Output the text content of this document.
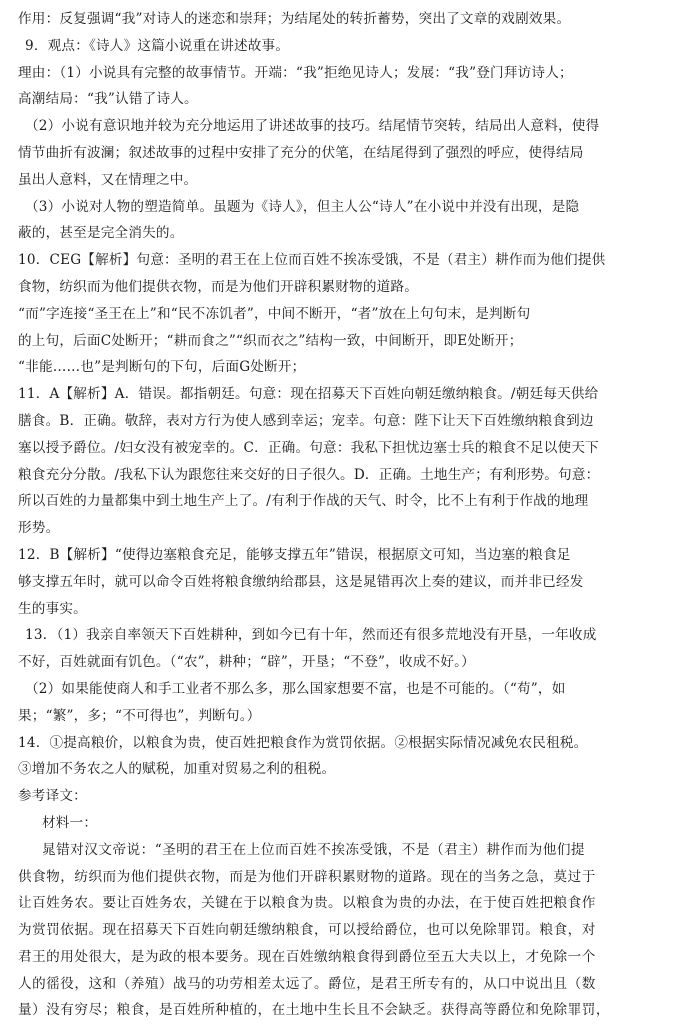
作用：反复强调“我”对诗人的迷恋和崇拜；为结尾处的转折蓄势，突出了文章的戏剧效果。
9．观点：《诗人》这篇小说重在讲述故事。
理由：（1）小说具有完整的故事情节。开端：“我”拒绝见诗人；发展：“我”登门拜访诗人；
高潮结局：“我”认错了诗人。
（2）小说有意识地并较为充分地运用了讲述故事的技巧。结尾情节突转，结局出人意料，使得
情节曲折有波澜；叙述故事的过程中安排了充分的伏笔，在结尾得到了强烈的呼应，使得结局
虽出人意料，又在情理之中。
（3）小说对人物的塑造简单。虽题为《诗人》，但主人公“诗人”在小说中并没有出现，是隐
蔽的，甚至是完全消失的。
10．CEG【解析】句意：圣明的君王在上位而百姓不挨冻受饿，不是（君主）耕作而为他们提供
食物，纺织而为他们提供衣物，而是为他们开辟积累财物的道路。
“而”字连接“圣王在上”和“民不冻饥者”，中间不断开，“者”放在上句句末，是判断句
的上句，后面C处断开；“耕而食之”“织而衣之”结构一致，中间断开，即E处断开；
“非能……也”是判断句的下句，后面G处断开；
11．A【解析】A．错误。都指朝廷。句意：现在招募天下百姓向朝廷缴纳粮食。/朝廷每天供给
膳食。B．正确。敬辞，表对方行为使人感到幸运；宠幸。句意：陛下让天下百姓缴纳粮食到边
塞以授予爵位。/妇女没有被宠幸的。C．正确。句意：我私下担忧边塞士兵的粮食不足以使天下
粮食充分分散。/我私下认为跟您往来交好的日子很久。D．正确。土地生产；有利形势。句意：
所以百姓的力量都集中到土地生产上了。/有利于作战的天气、时令，比不上有利于作战的地理
形势。
12．B【解析】“使得边塞粮食充足，能够支撑五年”错误，根据原文可知，当边塞的粮食足
够支撑五年时，就可以命令百姓将粮食缴纳给郡县，这是晁错再次上奏的建议，而并非已经发
生的事实。
13．（1）我亲自率领天下百姓耕种，到如今已有十年，然而还有很多荒地没有开垦，一年收成
不好，百姓就面有饥色。（“农”，耕种；“辟”，开垦；“不登”，收成不好。）
（2）如果能使商人和手工业者不那么多，那么国家想要不富，也是不可能的。（“苟”，如
果；“繁”，多；“不可得也”，判断句。）
14．①提高粮价，以粮食为贵，使百姓把粮食作为赏罚依据。②根据实际情况减免农民租税。
③增加不务农之人的赋税，加重对贸易之利的租税。
参考译文：
材料一：
晁错对汉文帝说：“圣明的君王在上位而百姓不挨冻受饿，不是（君主）耕作而为他们提
供食物，纺织而为他们提供衣物，而是为他们开辟积累财物的道路。现在的当务之急，莫过于
让百姓务农。要让百姓务农，关键在于以粮食为贵。以粮食为贵的办法，在于使百姓把粮食作
为赏罚依据。现在招募天下百姓向朝廷缴纳粮食，可以授给爵位，也可以免除罪罚。粮食，对
君王的用处很大，是为政的根本要务。现在百姓缴纳粮食得到爵位至五大夫以上，才免除一个
人的徭役，这和（养殖）战马的功劳相差太远了。爵位，是君王所专有的，从口中说出且（数
量）没有穷尽；粮食，是百姓所种植的，在土地中生长且不会缺乏。获得高等爵位和免除罪罚，
